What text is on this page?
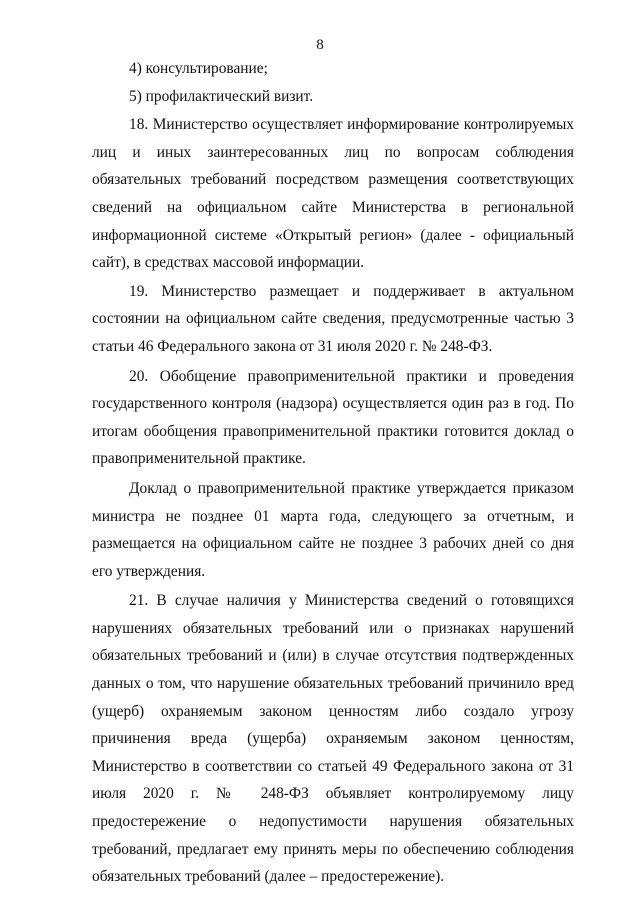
8

4) консультирование;

5) профилактический визит.

18. Министерство осуществляет информирование контролируемых лиц и иных заинтересованных лиц по вопросам соблюдения обязательных требований посредством размещения соответствующих сведений на официальном сайте Министерства в региональной информационной системе «Открытый регион» (далее - официальный сайт), в средствах массовой информации.

19. Министерство размещает и поддерживает в актуальном состоянии на официальном сайте сведения, предусмотренные частью 3 статьи 46 Федерального закона от 31 июля 2020 г. № 248-ФЗ.

20. Обобщение правоприменительной практики и проведения государственного контроля (надзора) осуществляется один раз в год. По итогам обобщения правоприменительной практики готовится доклад о правоприменительной практике.

Доклад о правоприменительной практике утверждается приказом министра не позднее 01 марта года, следующего за отчетным, и размещается на официальном сайте не позднее 3 рабочих дней со дня его утверждения.

21. В случае наличия у Министерства сведений о готовящихся нарушениях обязательных требований или о признаках нарушений обязательных требований и (или) в случае отсутствия подтвержденных данных о том, что нарушение обязательных требований причинило вред (ущерб) охраняемым законом ценностям либо создало угрозу причинения вреда (ущерба) охраняемым законом ценностям, Министерство в соответствии со статьей 49 Федерального закона от 31 июля 2020 г. № 248-ФЗ объявляет контролируемому лицу предостережение о недопустимости нарушения обязательных требований, предлагает ему принять меры по обеспечению соблюдения обязательных требований (далее – предостережение).
